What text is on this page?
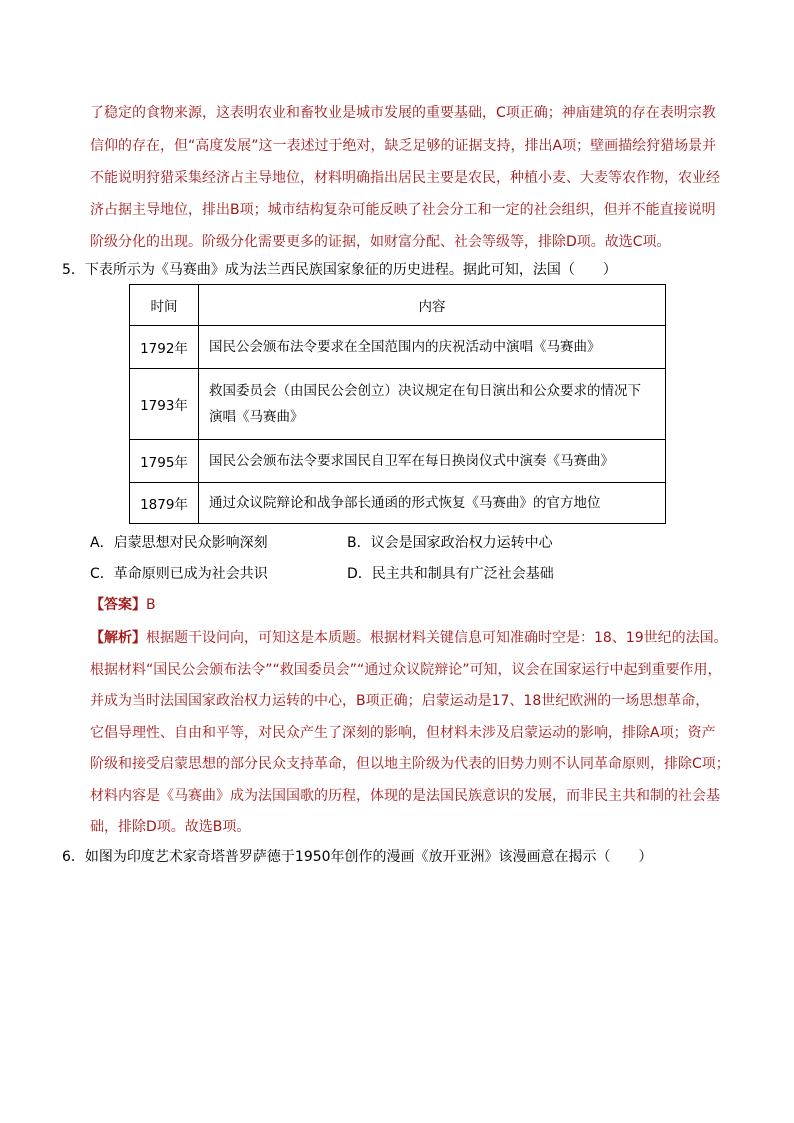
了稳定的食物来源，这表明农业和畜牧业是城市发展的重要基础，C项正确；神庙建筑的存在表明宗教
信仰的存在，但“高度发展”这一表述过于绝对，缺乏足够的证据支持，排出A项；壁画描绘狩猎场景并
不能说明狩猎采集经济占主导地位，材料明确指出居民主要是农民，种植小麦、大麦等农作物，农业经
济占据主导地位，排出B项；城市结构复杂可能反映了社会分工和一定的社会组织，但并不能直接说明
阶级分化的出现。阶级分化需要更多的证据，如财富分配、社会等级等，排除D项。故选C项。
5．下表所示为《马赛曲》成为法兰西民族国家象征的历史进程。据此可知，法国（　　）
时间	内容
1792年	国民公会颁布法令要求在全国范围内的庆祝活动中演唱《马赛曲》
1793年	救国委员会（由国民公会创立）决议规定在旬日演出和公众要求的情况下演唱《马赛曲》
1795年	国民公会颁布法令要求国民自卫军在每日换岗仪式中演奏《马赛曲》
1879年	通过众议院辩论和战争部长通函的形式恢复《马赛曲》的官方地位
A．启蒙思想对民众影响深刻	B．议会是国家政治权力运转中心
C．革命原则已成为社会共识	D．民主共和制具有广泛社会基础
【答案】B
【解析】根据题干设问向，可知这是本质题。根据材料关键信息可知准确时空是：18、19世纪的法国。
根据材料“国民公会颁布法令”“救国委员会”“通过众议院辩论”可知，议会在国家运行中起到重要作用，
并成为当时法国国家政治权力运转的中心，B项正确；启蒙运动是17、18世纪欧洲的一场思想革命，
它倡导理性、自由和平等，对民众产生了深刻的影响，但材料未涉及启蒙运动的影响，排除A项；资产
阶级和接受启蒙思想的部分民众支持革命，但以地主阶级为代表的旧势力则不认同革命原则，排除C项；
材料内容是《马赛曲》成为法国国歌的历程，体现的是法国民族意识的发展，而非民主共和制的社会基
础，排除D项。故选B项。
6．如图为印度艺术家奇塔普罗萨德于1950年创作的漫画《放开亚洲》该漫画意在揭示（　　）
